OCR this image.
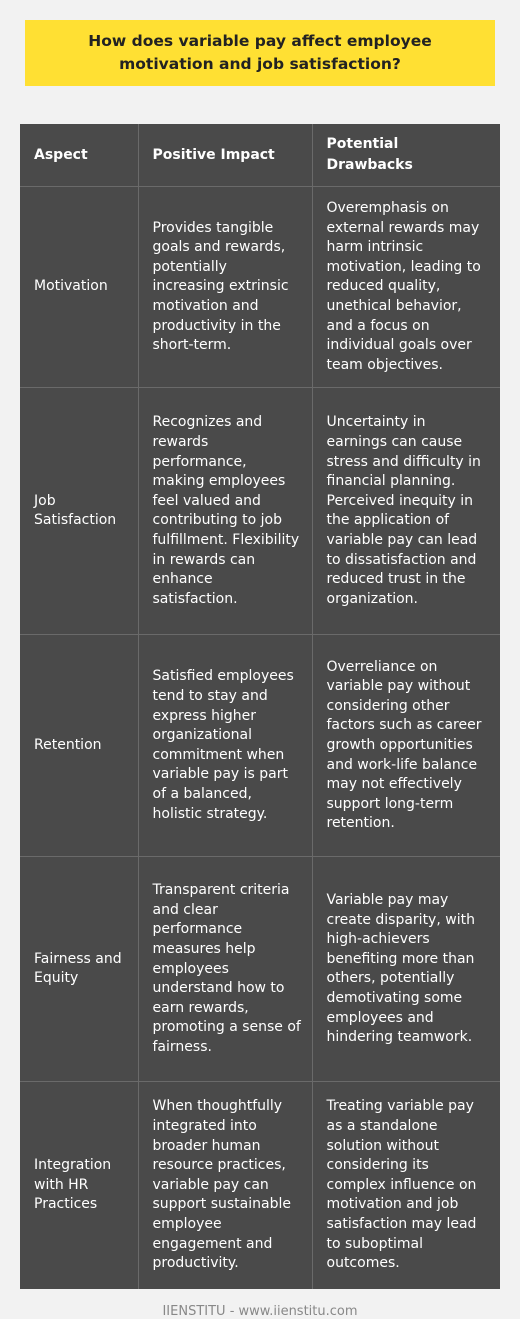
How does variable pay affect employee motivation and job satisfaction?
Aspect	Positive Impact	Potential Drawbacks
Motivation	Provides tangible goals and rewards, potentially increasing extrinsic motivation and productivity in the short-term.	Overemphasis on external rewards may harm intrinsic motivation, leading to reduced quality, unethical behavior, and a focus on individual goals over team objectives.
Job Satisfaction	Recognizes and rewards performance, making employees feel valued and contributing to job fulfillment. Flexibility in rewards can enhance satisfaction.	Uncertainty in earnings can cause stress and difficulty in financial planning. Perceived inequity in the application of variable pay can lead to dissatisfaction and reduced trust in the organization.
Retention	Satisfied employees tend to stay and express higher organizational commitment when variable pay is part of a balanced, holistic strategy.	Overreliance on variable pay without considering other factors such as career growth opportunities and work-life balance may not effectively support long-term retention.
Fairness and Equity	Transparent criteria and clear performance measures help employees understand how to earn rewards, promoting a sense of fairness.	Variable pay may create disparity, with high-achievers benefiting more than others, potentially demotivating some employees and hindering teamwork.
Integration with HR Practices	When thoughtfully integrated into broader human resource practices, variable pay can support sustainable employee engagement and productivity.	Treating variable pay as a standalone solution without considering its complex influence on motivation and job satisfaction may lead to suboptimal outcomes.
IIENSTITU - www.iienstitu.com
